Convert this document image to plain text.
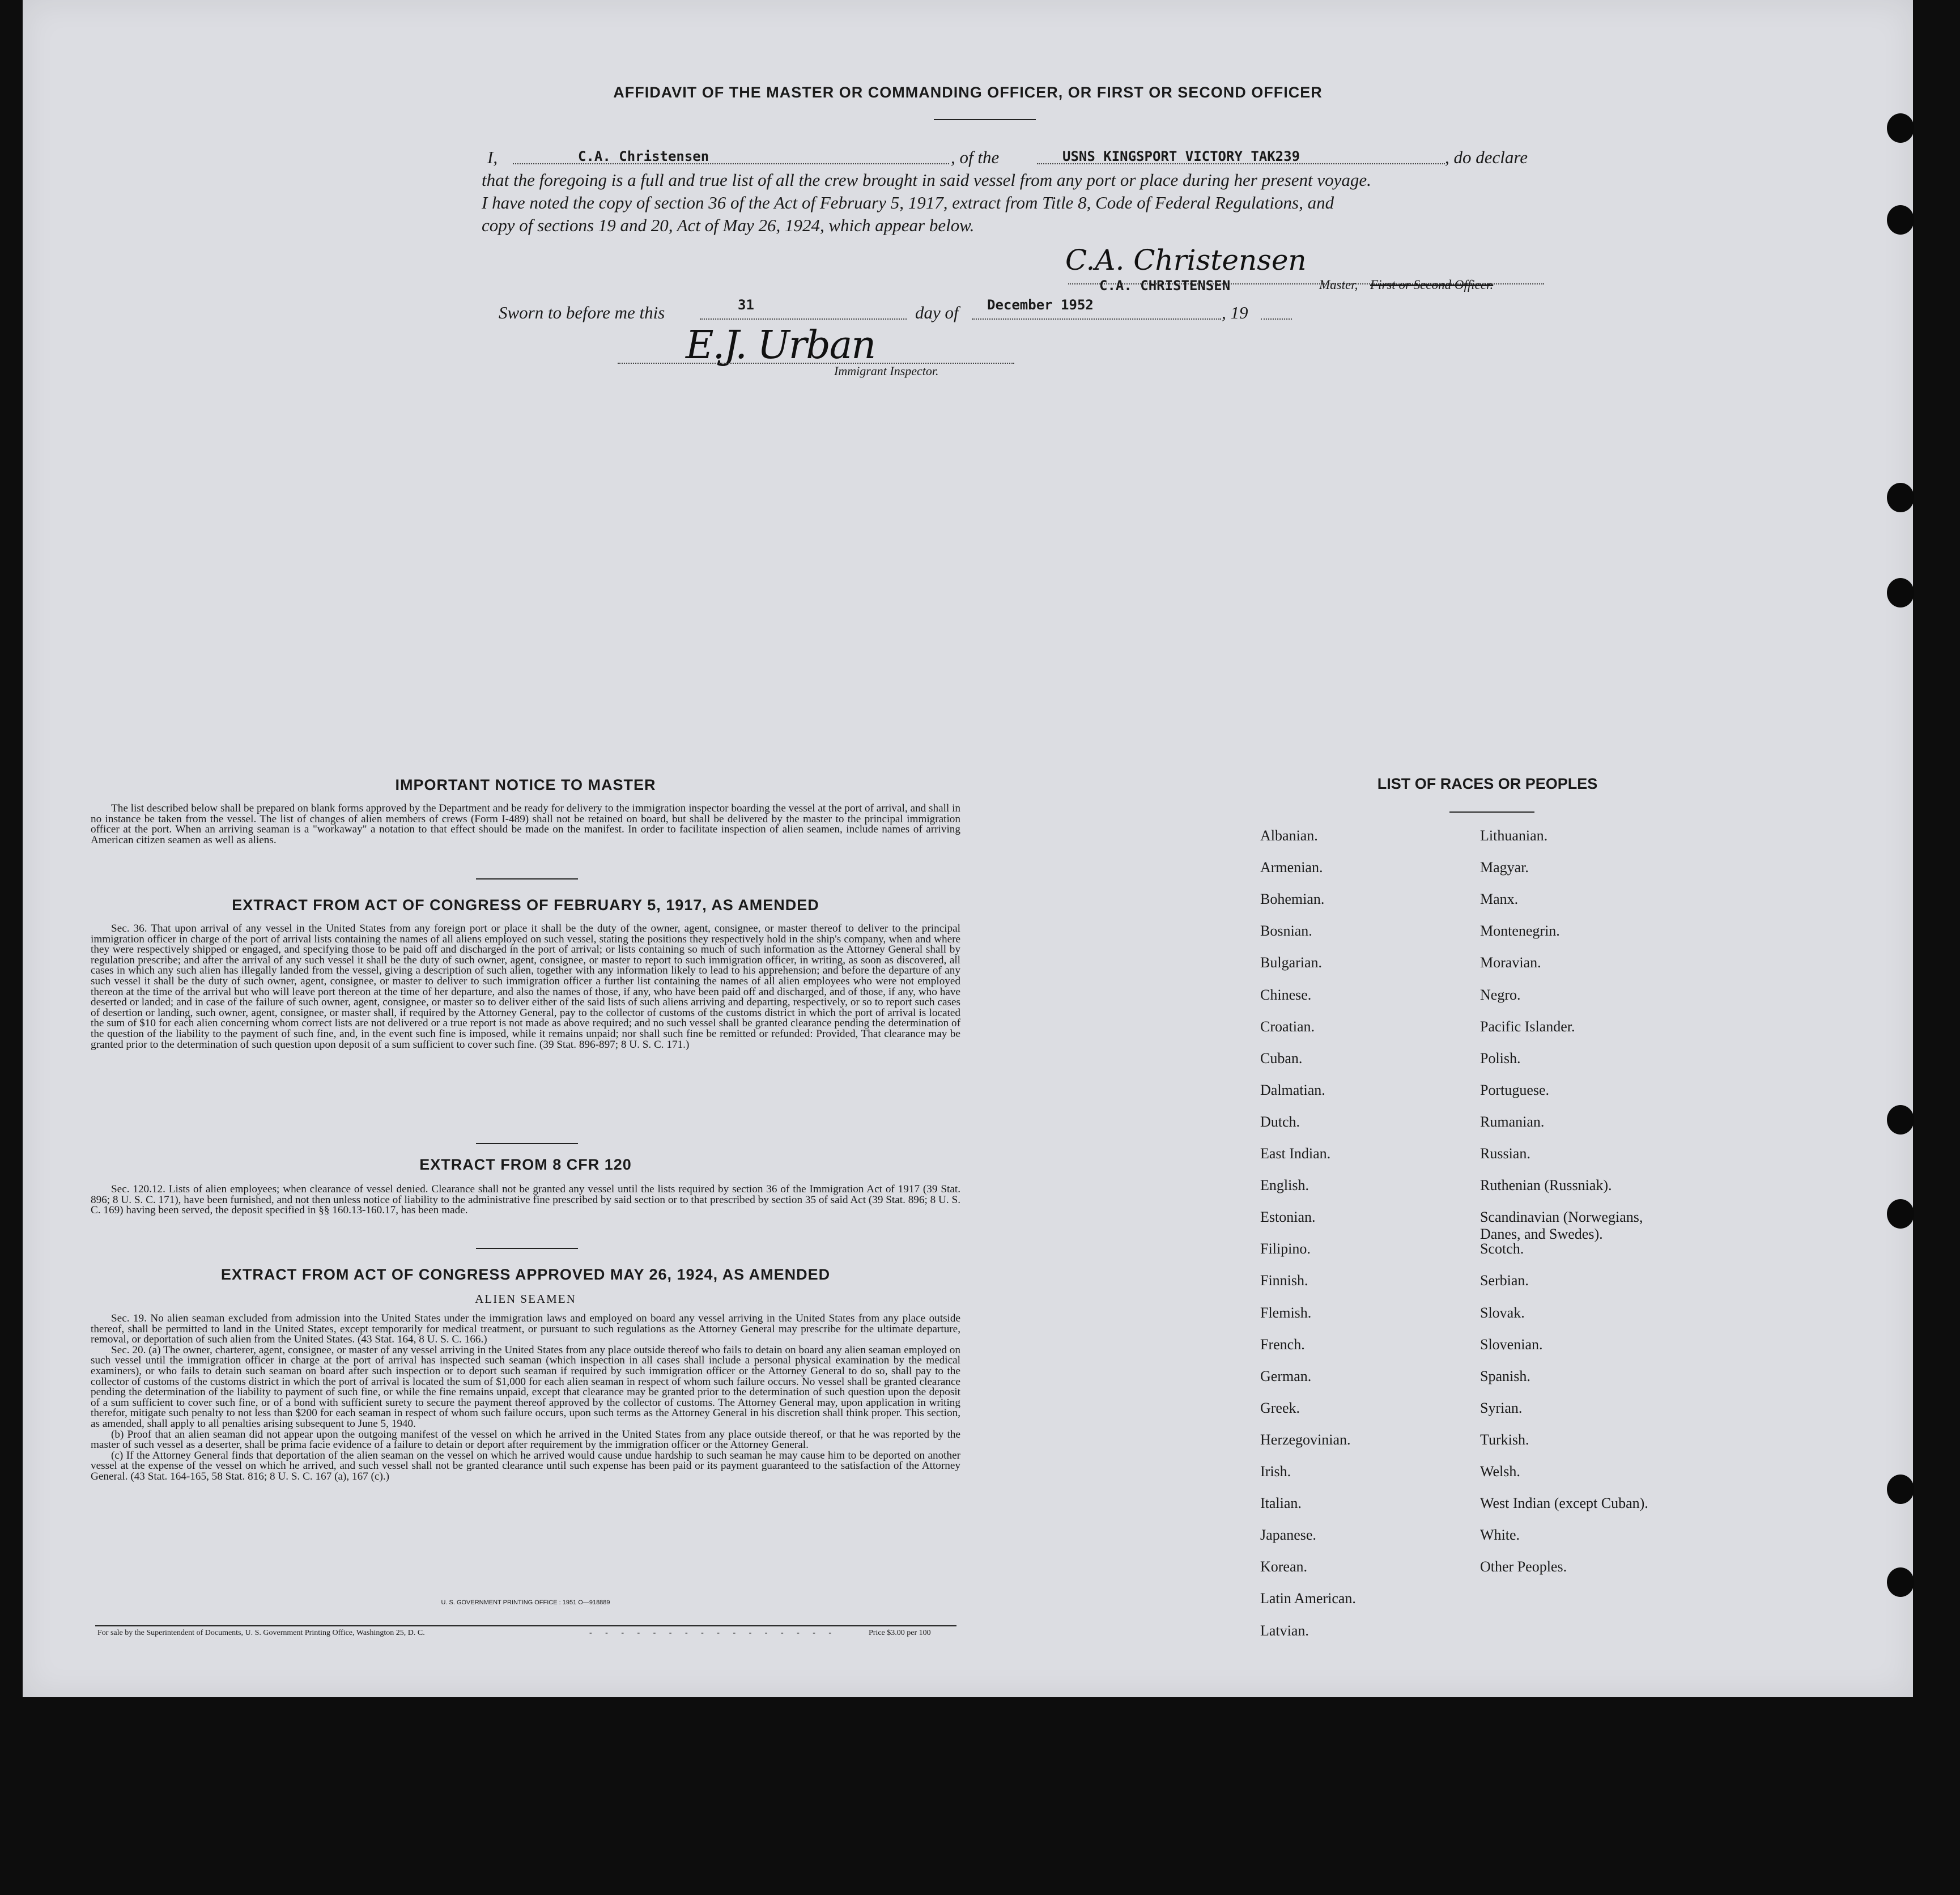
AFFIDAVIT OF THE MASTER OR COMMANDING OFFICER, OR FIRST OR SECOND OFFICER
I,	C.A. Christensen	, of the	USNS KINGSPORT VICTORY TAK239	, do declare
that the foregoing is a full and true list of all the crew brought in said vessel from any port or place during her present voyage.
I have noted the copy of section 36 of the Act of February 5, 1917, extract from Title 8, Code of Federal Regulations, and
copy of sections 19 and 20, Act of May 26, 1924, which appear below.
C.A. Christensen
C.A. CHRISTENSEN	Master, First or Second Officer.
Sworn to before me this	31	day of December 1952	, 19
E.J. Urban
Immigrant Inspector.
IMPORTANT NOTICE TO MASTER

The list described below shall be prepared on blank forms approved by the Department and be ready for delivery to the immigration inspector boarding the vessel at the port of arrival, and shall in no instance be taken from the vessel. The list of changes of alien members of crews (Form I-489) shall not be retained on board, but shall be delivered by the master to the principal immigration officer at the port. When an arriving seaman is a "workaway" a notation to that effect should be made on the manifest. In order to facilitate inspection of alien seamen, include names of arriving American citizen seamen as well as aliens.

EXTRACT FROM ACT OF CONGRESS OF FEBRUARY 5, 1917, AS AMENDED

Sec. 36. That upon arrival of any vessel in the United States from any foreign port or place it shall be the duty of the owner, agent, consignee, or master thereof to deliver to the principal immigration officer in charge of the port of arrival lists containing the names of all aliens employed on such vessel, stating the positions they respectively hold in the ship's company, when and where they were respectively shipped or engaged, and specifying those to be paid off and discharged in the port of arrival; or lists containing so much of such information as the Attorney General shall by regulation prescribe; and after the arrival of any such vessel it shall be the duty of such owner, agent, consignee, or master to report to such immigration officer, in writing, as soon as discovered, all cases in which any such alien has illegally landed from the vessel, giving a description of such alien, together with any information likely to lead to his apprehension; and before the departure of any such vessel it shall be the duty of such owner, agent, consignee, or master to deliver to such immigration officer a further list containing the names of all alien employees who were not employed thereon at the time of the arrival but who will leave port thereon at the time of her departure, and also the names of those, if any, who have been paid off and discharged, and of those, if any, who have deserted or landed; and in case of the failure of such owner, agent, consignee, or master so to deliver either of the said lists of such aliens arriving and departing, respectively, or so to report such cases of desertion or landing, such owner, agent, consignee, or master shall, if required by the Attorney General, pay to the collector of customs of the customs district in which the port of arrival is located the sum of $10 for each alien concerning whom correct lists are not delivered or a true report is not made as above required; and no such vessel shall be granted clearance pending the determination of the question of the liability to the payment of such fine, and, in the event such fine is imposed, while it remains unpaid; nor shall such fine be remitted or refunded: Provided, That clearance may be granted prior to the determination of such question upon deposit of a sum sufficient to cover such fine. (39 Stat. 896-897; 8 U. S. C. 171.)

EXTRACT FROM 8 CFR 120

Sec. 120.12. Lists of alien employees; when clearance of vessel denied. Clearance shall not be granted any vessel until the lists required by section 36 of the Immigration Act of 1917 (39 Stat. 896; 8 U. S. C. 171), have been furnished, and not then unless notice of liability to the administrative fine prescribed by said section or to that prescribed by section 35 of said Act (39 Stat. 896; 8 U. S. C. 169) having been served, the deposit specified in §§ 160.13-160.17, has been made.

EXTRACT FROM ACT OF CONGRESS APPROVED MAY 26, 1924, AS AMENDED
ALIEN SEAMEN

Sec. 19. No alien seaman excluded from admission into the United States under the immigration laws and employed on board any vessel arriving in the United States from any place outside thereof, shall be permitted to land in the United States, except temporarily for medical treatment, or pursuant to such regulations as the Attorney General may prescribe for the ultimate departure, removal, or deportation of such alien from the United States. (43 Stat. 164, 8 U. S. C. 166.)

Sec. 20. (a) The owner, charterer, agent, consignee, or master of any vessel arriving in the United States from any place outside thereof who fails to detain on board any alien seaman employed on such vessel until the immigration officer in charge at the port of arrival has inspected such seaman (which inspection in all cases shall include a personal physical examination by the medical examiners), or who fails to detain such seaman on board after such inspection or to deport such seaman if required by such immigration officer or the Attorney General to do so, shall pay to the collector of customs of the customs district in which the port of arrival is located the sum of $1,000 for each alien seaman in respect of whom such failure occurs. No vessel shall be granted clearance pending the determination of the liability to payment of such fine, or while the fine remains unpaid, except that clearance may be granted prior to the determination of such question upon the deposit of a sum sufficient to cover such fine, or of a bond with sufficient surety to secure the payment thereof approved by the collector of customs. The Attorney General may, upon application in writing therefor, mitigate such penalty to not less than $200 for each seaman in respect of whom such failure occurs, upon such terms as the Attorney General in his discretion shall think proper. This section, as amended, shall apply to all penalties arising subsequent to June 5, 1940.

(b) Proof that an alien seaman did not appear upon the outgoing manifest of the vessel on which he arrived in the United States from any place outside thereof, or that he was reported by the master of such vessel as a deserter, shall be prima facie evidence of a failure to detain or deport after requirement by the immigration officer or the Attorney General.

(c) If the Attorney General finds that deportation of the alien seaman on the vessel on which he arrived would cause undue hardship to such seaman he may cause him to be deported on another vessel at the expense of the vessel on which he arrived, and such vessel shall not be granted clearance until such expense has been paid or its payment guaranteed to the satisfaction of the Attorney General. (43 Stat. 164-165, 58 Stat. 816; 8 U. S. C. 167 (a), 167 (c).)

U. S. GOVERNMENT PRINTING OFFICE : 1951 O—918889
For sale by the Superintendent of Documents, U. S. Government Printing Office, Washington 25, D. C.	- - - - - - - - - - - - - - - -	Price $3.00 per 100
LIST OF RACES OR PEOPLES
Albanian.
Armenian.
Bohemian.
Bosnian.
Bulgarian.
Chinese.
Croatian.
Cuban.
Dalmatian.
Dutch.
East Indian.
English.
Estonian.
Filipino.
Finnish.
Flemish.
French.
German.
Greek.
Herzegovinian.
Irish.
Italian.
Japanese.
Korean.
Latin American.
Latvian.
Lithuanian.
Magyar.
Manx.
Montenegrin.
Moravian.
Negro.
Pacific Islander.
Polish.
Portuguese.
Rumanian.
Russian.
Ruthenian (Russniak).
Scandinavian (Norwegians,
Danes, and Swedes).
Scotch.
Serbian.
Slovak.
Slovenian.
Spanish.
Syrian.
Turkish.
Welsh.
West Indian (except Cuban).
White.
Other Peoples.
